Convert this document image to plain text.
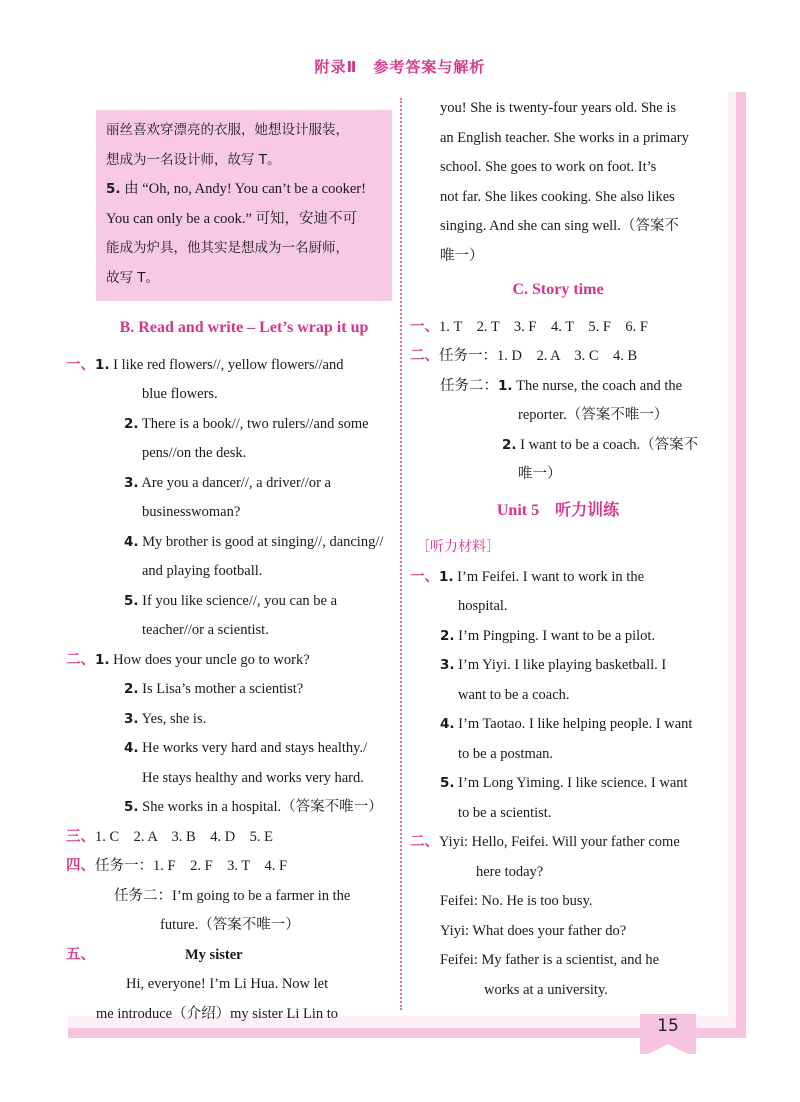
附录Ⅱ　参考答案与解析

丽丝喜欢穿漂亮的衣服，她想设计服装，

想成为一名设计师，故写 T。

5. 由 “Oh, no, Andy! You can’t be a cooker!

You can only be a cook.” 可知，安迪不可

能成为炉具，他其实是想成为一名厨师，

故写 T。

B. Read and write – Let’s wrap it up
一、1. I like red flowers//, yellow flowers//and
blue flowers.
2. There is a book//, two rulers//and some
pens//on the desk.
3. Are you a dancer//, a driver//or a
businesswoman?
4. My brother is good at singing//, dancing//
and playing football.
5. If you like science//, you can be a
teacher//or a scientist.
二、1. How does your uncle go to work?
2. Is Lisa’s mother a scientist?
3. Yes, she is.
4. He works very hard and stays healthy./
He stays healthy and works very hard.
5. She works in a hospital.（答案不唯一）
三、1. C　2. A　3. B　4. D　5. E
四、任务一：1. F　2. F　3. T　4. F
任务二：I’m going to be a farmer in the
future.（答案不唯一）
五、	My sister
Hi, everyone! I’m Li Hua. Now let
me introduce（介绍）my sister Li Lin to
you! She is twenty-four years old. She is
an English teacher. She works in a primary
school. She goes to work on foot. It’s
not far. She likes cooking. She also likes
singing. And she can sing well.（答案不
唯一）
C. Story time
一、1. T　2. T　3. F　4. T　5. F　6. F
二、任务一：1. D　2. A　3. C　4. B
任务二：1. The nurse, the coach and the
reporter.（答案不唯一）
2. I want to be a coach.（答案不
唯一）
Unit 5　听力训练
［听力材料］
一、1. I’m Feifei. I want to work in the
hospital.
2. I’m Pingping. I want to be a pilot.
3. I’m Yiyi. I like playing basketball. I
want to be a coach.
4. I’m Taotao. I like helping people. I want
to be a postman.
5. I’m Long Yiming. I like science. I want
to be a scientist.
二、Yiyi: Hello, Feifei. Will your father come
here today?
Feifei: No. He is too busy.
Yiyi: What does your father do?
Feifei: My father is a scientist, and he
works at a university.
15
